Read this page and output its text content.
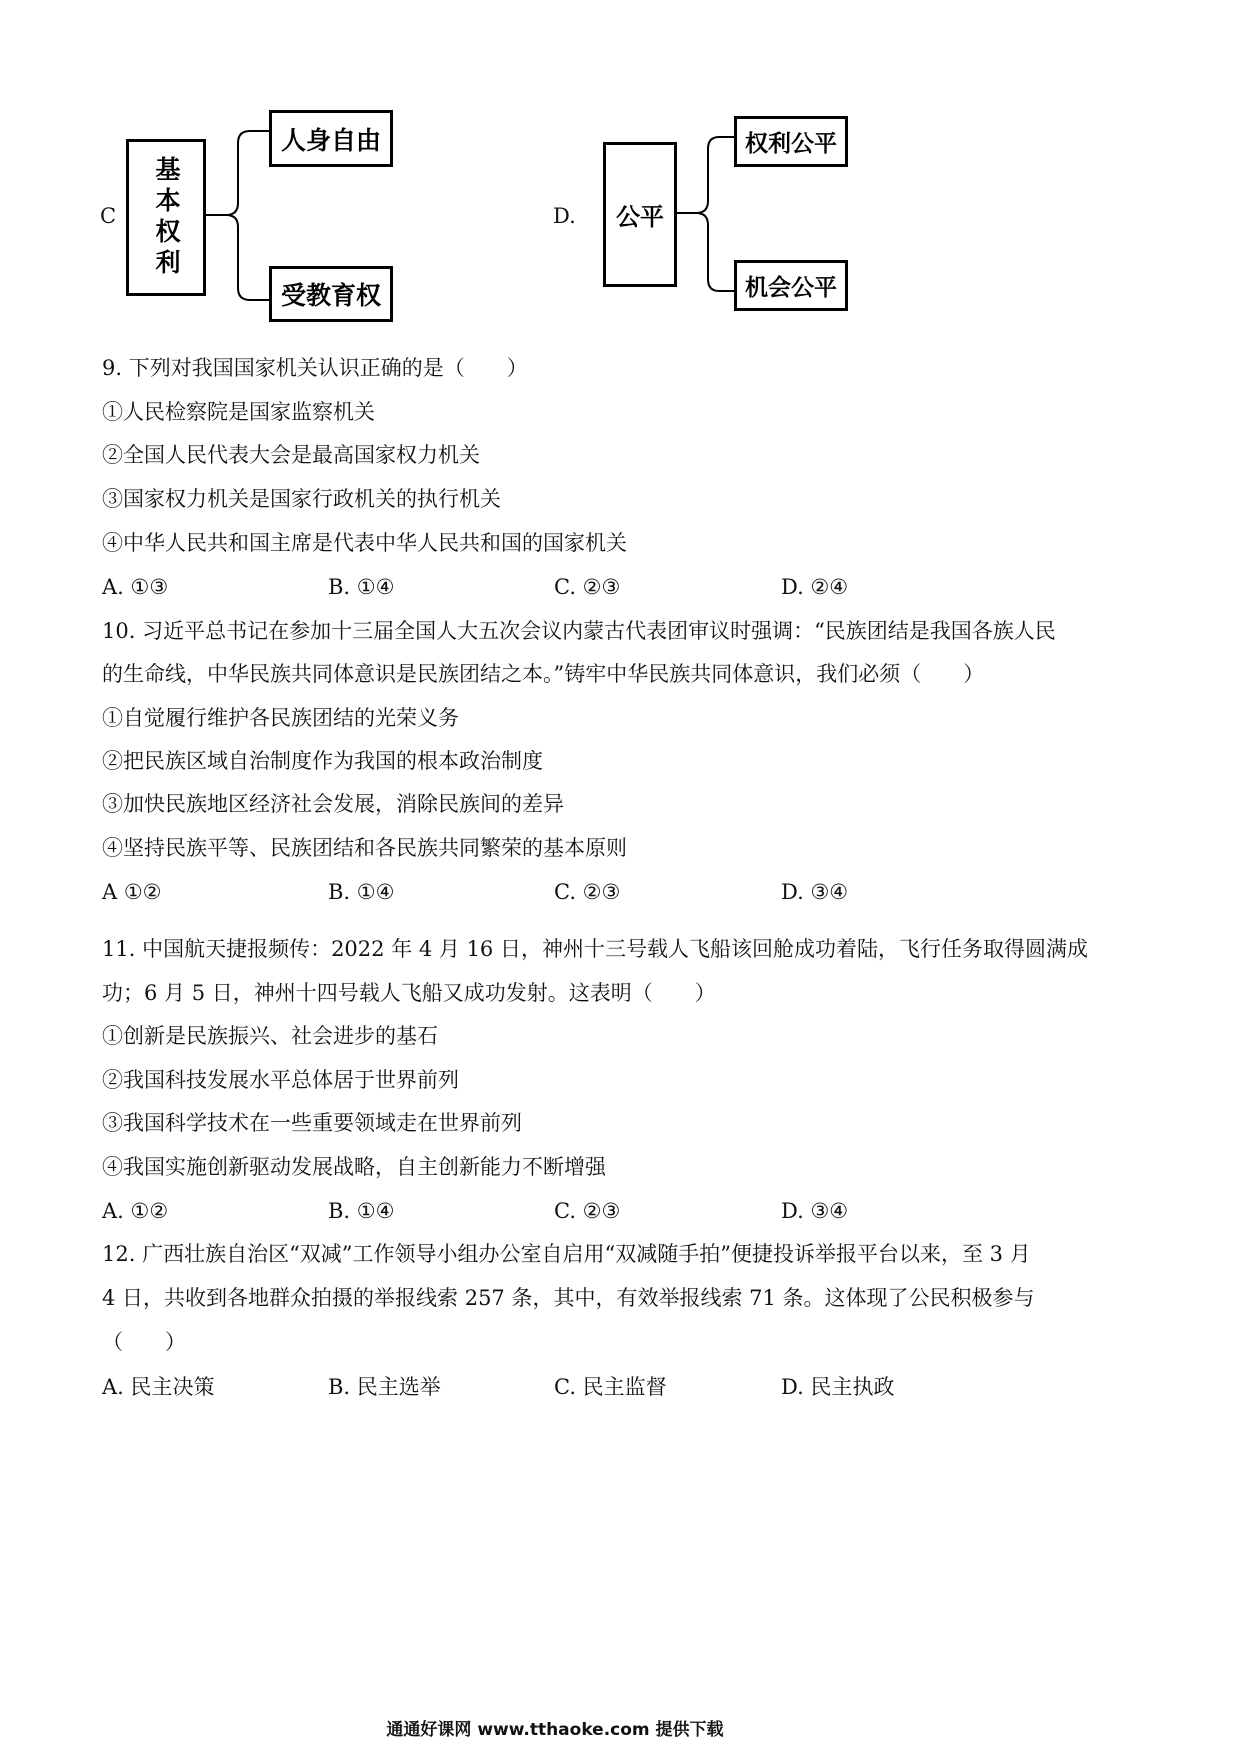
C	基本权利
人身自由
受教育权
D.	公平
权利公平
机会公平
9. 下列对我国国家机关认识正确的是（　　）
①人民检察院是国家监察机关
②全国人民代表大会是最高国家权力机关
③国家权力机关是国家行政机关的执行机关
④中华人民共和国主席是代表中华人民共和国的国家机关
A. ①③	B. ①④	C. ②③	D. ②④
10. 习近平总书记在参加十三届全国人大五次会议内蒙古代表团审议时强调：“民族团结是我国各族人民
的生命线，中华民族共同体意识是民族团结之本。”铸牢中华民族共同体意识，我们必须（　　）
①自觉履行维护各民族团结的光荣义务
②把民族区域自治制度作为我国的根本政治制度
③加快民族地区经济社会发展，消除民族间的差异
④坚持民族平等、民族团结和各民族共同繁荣的基本原则
A ①②	B. ①④	C. ②③	D. ③④
11. 中国航天捷报频传：2022 年 4 月 16 日，神州十三号载人飞船该回舱成功着陆，飞行任务取得圆满成
功；6 月 5 日，神州十四号载人飞船又成功发射。这表明（　　）
①创新是民族振兴、社会进步的基石
②我国科技发展水平总体居于世界前列
③我国科学技术在一些重要领域走在世界前列
④我国实施创新驱动发展战略，自主创新能力不断增强
A. ①②	B. ①④	C. ②③	D. ③④
12. 广西壮族自治区“双减”工作领导小组办公室自启用“双减随手拍”便捷投诉举报平台以来，至 3 月
4 日，共收到各地群众拍摄的举报线索 257 条，其中，有效举报线索 71 条。这体现了公民积极参与
（　　）
A. 民主决策	B. 民主选举	C. 民主监督	D. 民主执政
通通好课网 www.tthaoke.com 提供下载
